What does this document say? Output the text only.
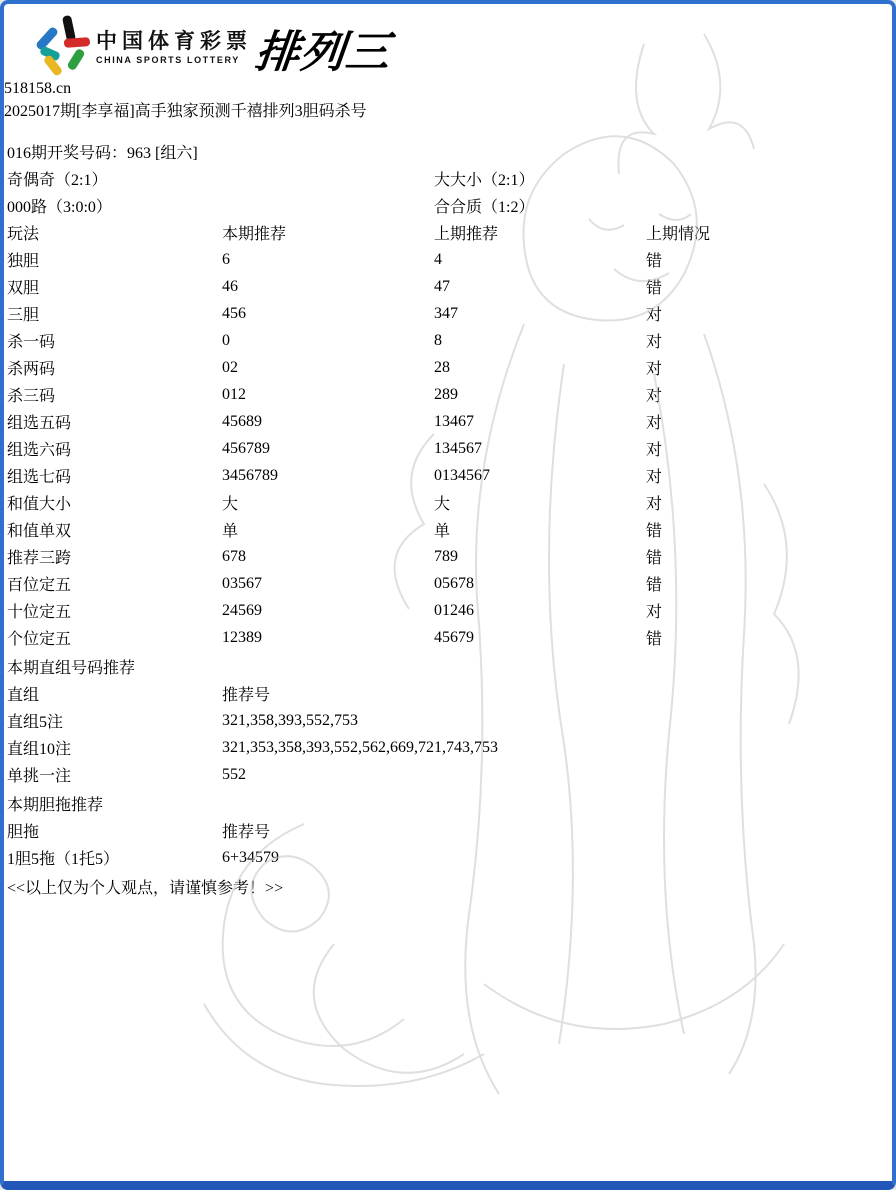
中国体育彩票
CHINA SPORTS LOTTERY 排
列
三
518158.cn
2025017期[李享福]高手独家预测千禧排列3胆码杀号
016期开奖号码：963 [组六]			
奇偶奇（2:1）		大大小（2:1）	
000路（3:0:0）		合合质（1:2）	
玩法	本期推荐	上期推荐	上期情况
独胆	6	4	错
双胆	46	47	错
三胆	456	347	对
杀一码	0	8	对
杀两码	02	28	对
杀三码	012	289	对
组选五码	45689	13467	对
组选六码	456789	134567	对
组选七码	3456789	0134567	对
和值大小	大	大	对
和值单双	单	单	错
推荐三跨	678	789	错
百位定五	03567	05678	错
十位定五	24569	01246	对
个位定五	12389	45679	错

本期直组号码推荐			
直组	推荐号		
直组5注	321,358,393,552,753		
直组10注	321,353,358,393,552,562,669,721,743,753		
单挑一注	552		

本期胆拖推荐			
胆拖	推荐号		
1胆5拖（1托5）	6+34579		

<<以上仅为个人观点，请谨慎参考！>>			
